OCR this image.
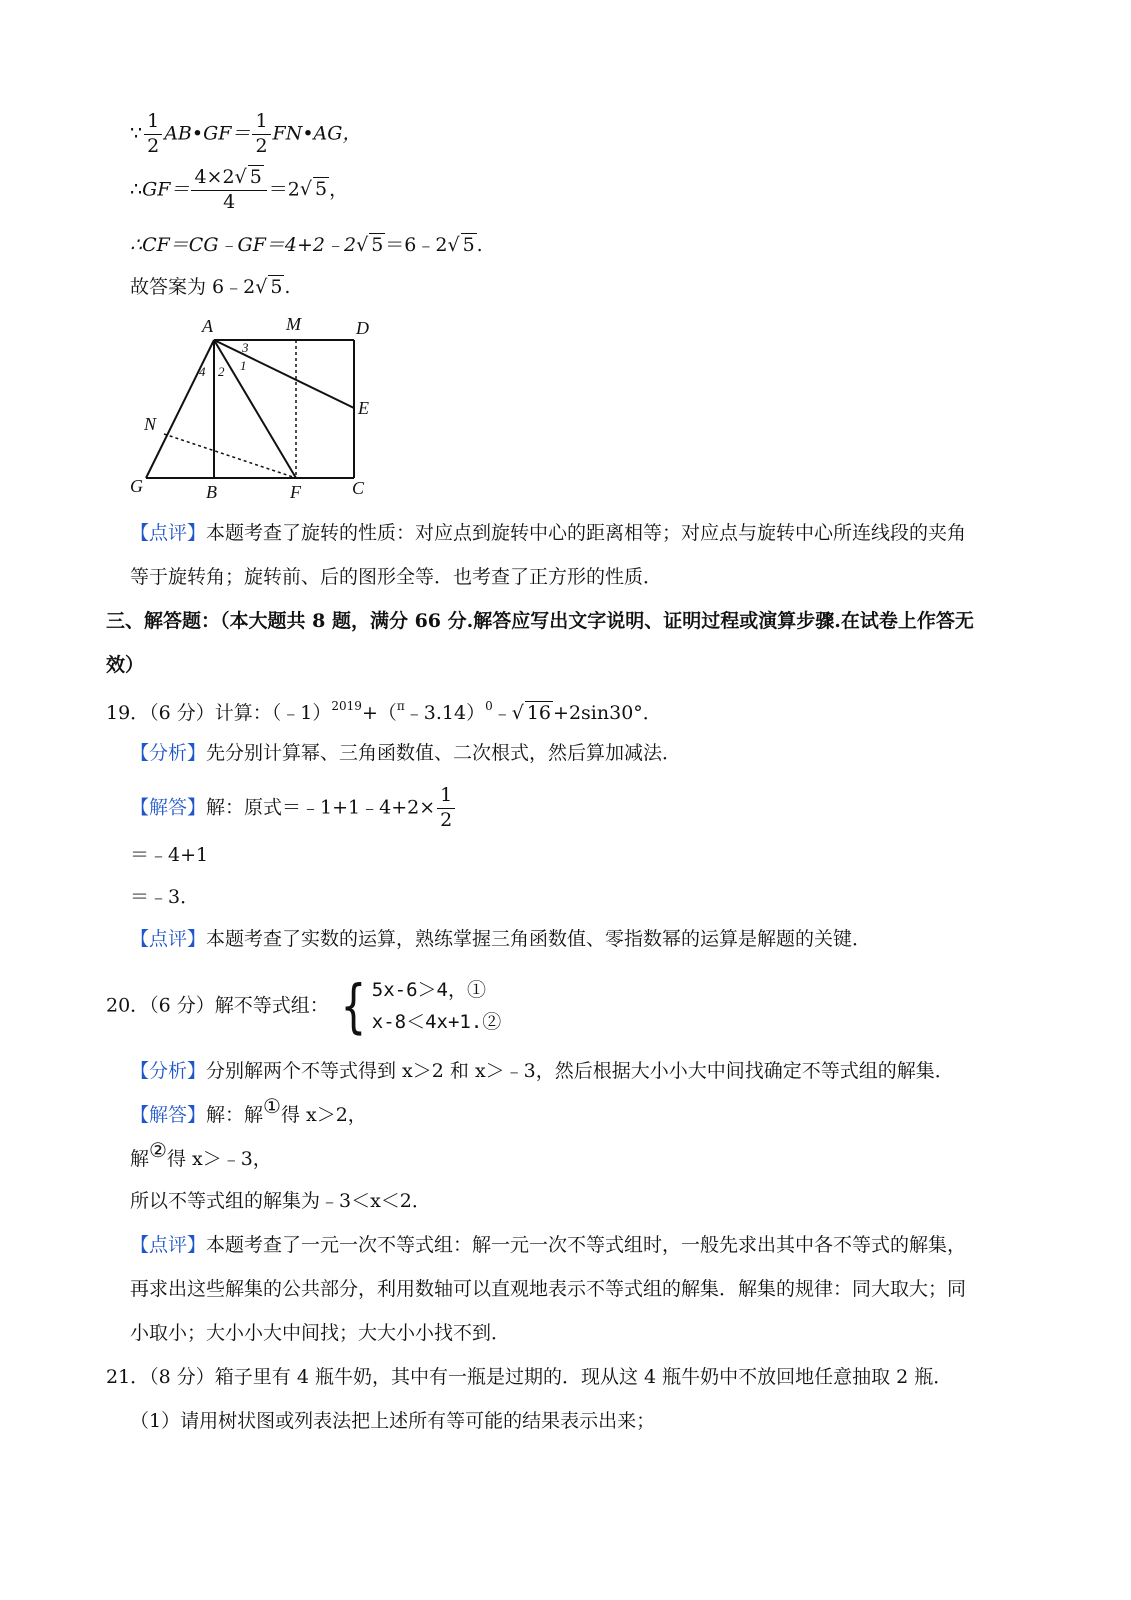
∵ $\frac{1}{2}$ AB•GF＝ $\frac{1}{2}$ FN•AG，
∴GF＝ $\frac{4\times 2√ 5}{4} =2√$ 5 ，
∴CF＝CG﹣GF＝4+2﹣2√ 5 ＝6﹣2√ 5 .
故答案为 6﹣2√ 5 .
A	M	D
E
N
G	B	F	C
1
2
3
4
【点评】本题考查了旋转的性质：对应点到旋转中心的距离相等；对应点与旋转中心所连线段的夹角
等于旋转角；旋转前、后的图形全等．也考查了正方形的性质．
三、解答题：（本大题共 8 题，满分 66 分.解答应写出文字说明、证明过程或演算步骤.在试卷上作答无
效）
19．（6 分）计算：（﹣1）$^{2019}$+（$^\pi$﹣3.14）$^0$﹣√ 16 +2sin30°．
【分析】先分别计算幂、三角函数值、二次根式，然后算加减法．
【解答】解：原式＝﹣1+1﹣4+2× $\frac{1}{2}$
＝﹣4+1
＝﹣3．
【点评】本题考查了实数的运算，熟练掌握三角函数值、零指数幂的运算是解题的关键．
20．（6 分）解不等式组： { 5x-6＞4，①
x-8＜4x+1.②
【分析】分别解两个不等式得到 x＞2 和 x＞﹣3，然后根据大小小大中间找确定不等式组的解集．
【解答】解：解①得 x＞2，
解②得 x＞﹣3，
所以不等式组的解集为﹣3＜x＜2．
【点评】本题考查了一元一次不等式组：解一元一次不等式组时，一般先求出其中各不等式的解集，
再求出这些解集的公共部分，利用数轴可以直观地表示不等式组的解集．解集的规律：同大取大；同
小取小；大小小大中间找；大大小小找不到．
21．（8 分）箱子里有 4 瓶牛奶，其中有一瓶是过期的．现从这 4 瓶牛奶中不放回地任意抽取 2 瓶．
（1）请用树状图或列表法把上述所有等可能的结果表示出来；
